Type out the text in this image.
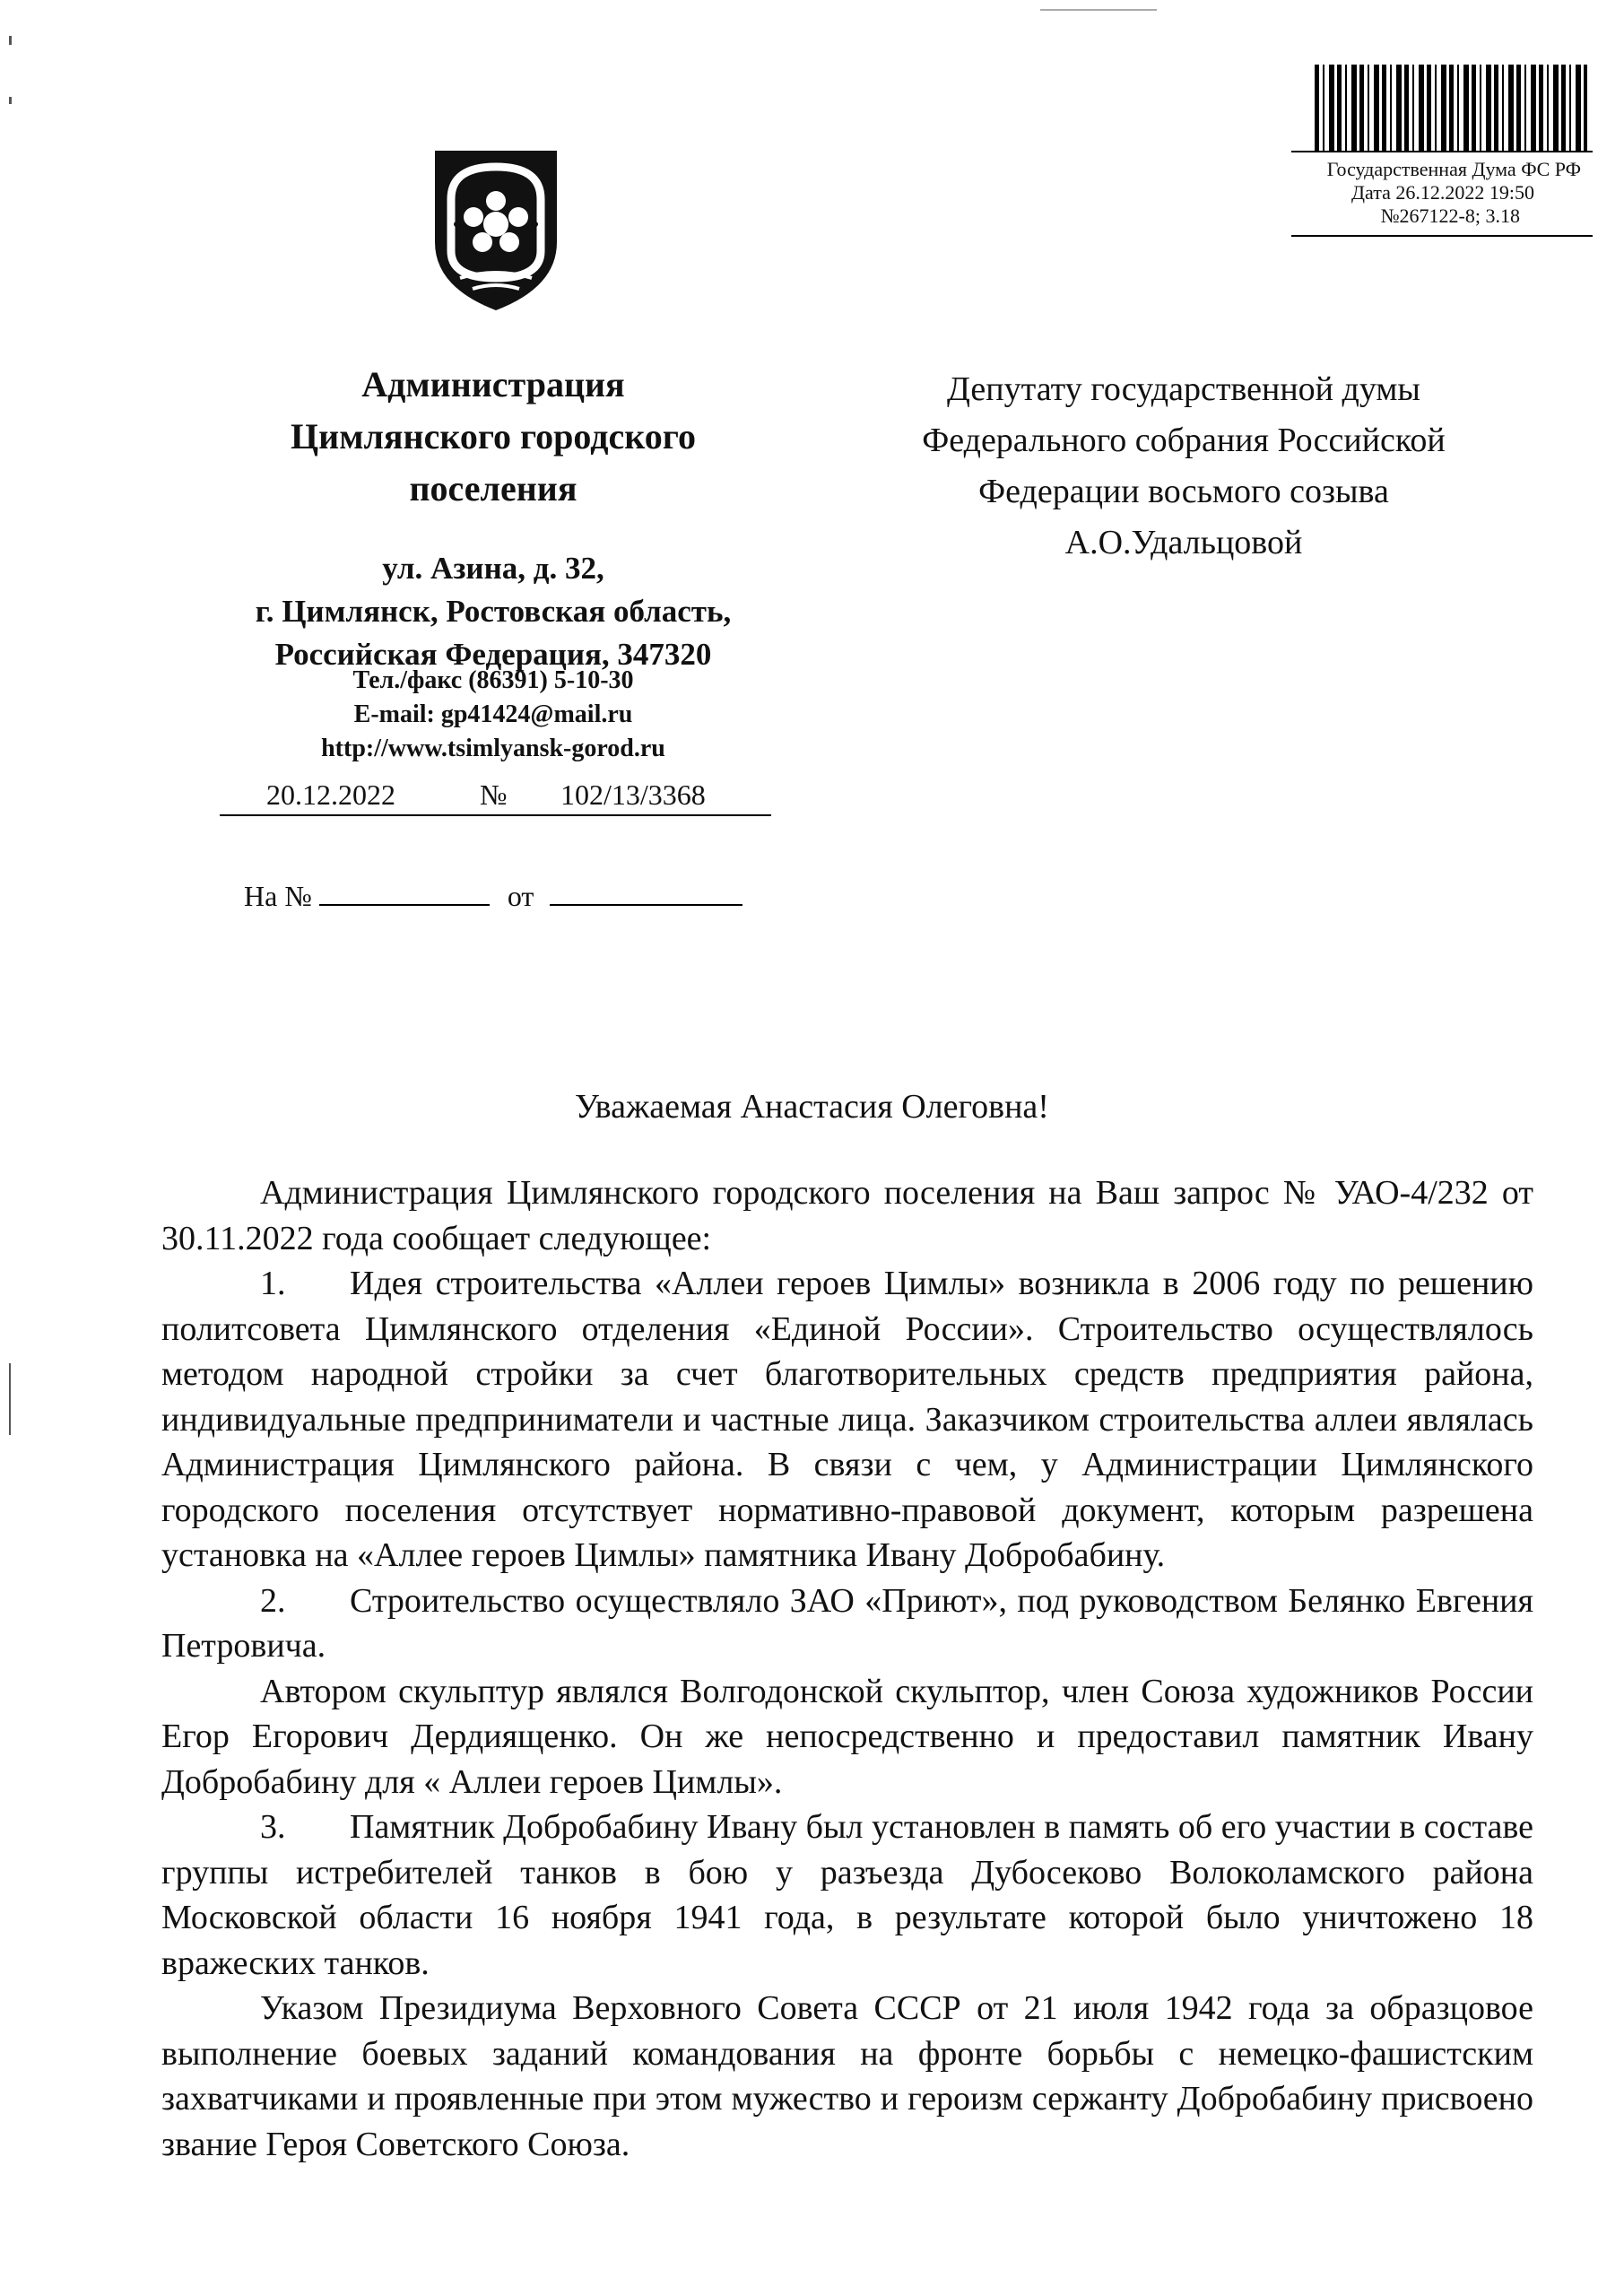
Государственная Дума ФС РФ
Дата 26.12.2022 19:50
№267122-8; 3.18
Администрация
Цимлянского городского
поселения
ул. Азина, д. 32,
г. Цимлянск, Ростовская область,
Российская Федерация, 347320
Тел./факс (86391) 5-10-30
E-mail: gp41424@mail.ru
http://www.tsimlyansk-gorod.ru
20.12.2022	№ 102/13/3368
На №	от
Депутату государственной думы
Федерального собрания Российской
Федерации восьмого созыва
А.О.Удальцовой
Уважаемая Анастасия Олеговна!
Администрация Цимлянского городского поселения на Ваш запрос № УАО-4/232 от 30.11.2022 года сообщает следующее:
1. Идея строительства «Аллеи героев Цимлы» возникла в 2006 году по решению политсовета Цимлянского отделения «Единой России». Строительство осуществлялось методом народной стройки за счет благотворительных средств предприятия района, индивидуальные предприниматели и частные лица. Заказчиком строительства аллеи являлась Администрация Цимлянского района. В связи с чем, у Администрации Цимлянского городского поселения отсутствует нормативно-правовой документ, которым разрешена установка на «Аллее героев Цимлы» памятника Ивану Добробабину.
2. Строительство осуществляло ЗАО «Приют», под руководством Белянко Евгения Петровича.
Автором скульптур являлся Волгодонской скульптор, член Союза художников России Егор Егорович Дердиященко. Он же непосредственно и предоставил памятник Ивану Добробабину для « Аллеи героев Цимлы».
3. Памятник Добробабину Ивану был установлен в память об его участии в составе группы истребителей танков в бою у разъезда Дубосеково Волоколамского района Московской области 16 ноября 1941 года, в результате которой было уничтожено 18 вражеских танков.
Указом Президиума Верховного Совета СССР от 21 июля 1942 года за образцовое выполнение боевых заданий командования на фронте борьбы с немецко-фашистским захватчиками и проявленные при этом мужество и героизм сержанту Добробабину присвоено звание Героя Советского Союза.
